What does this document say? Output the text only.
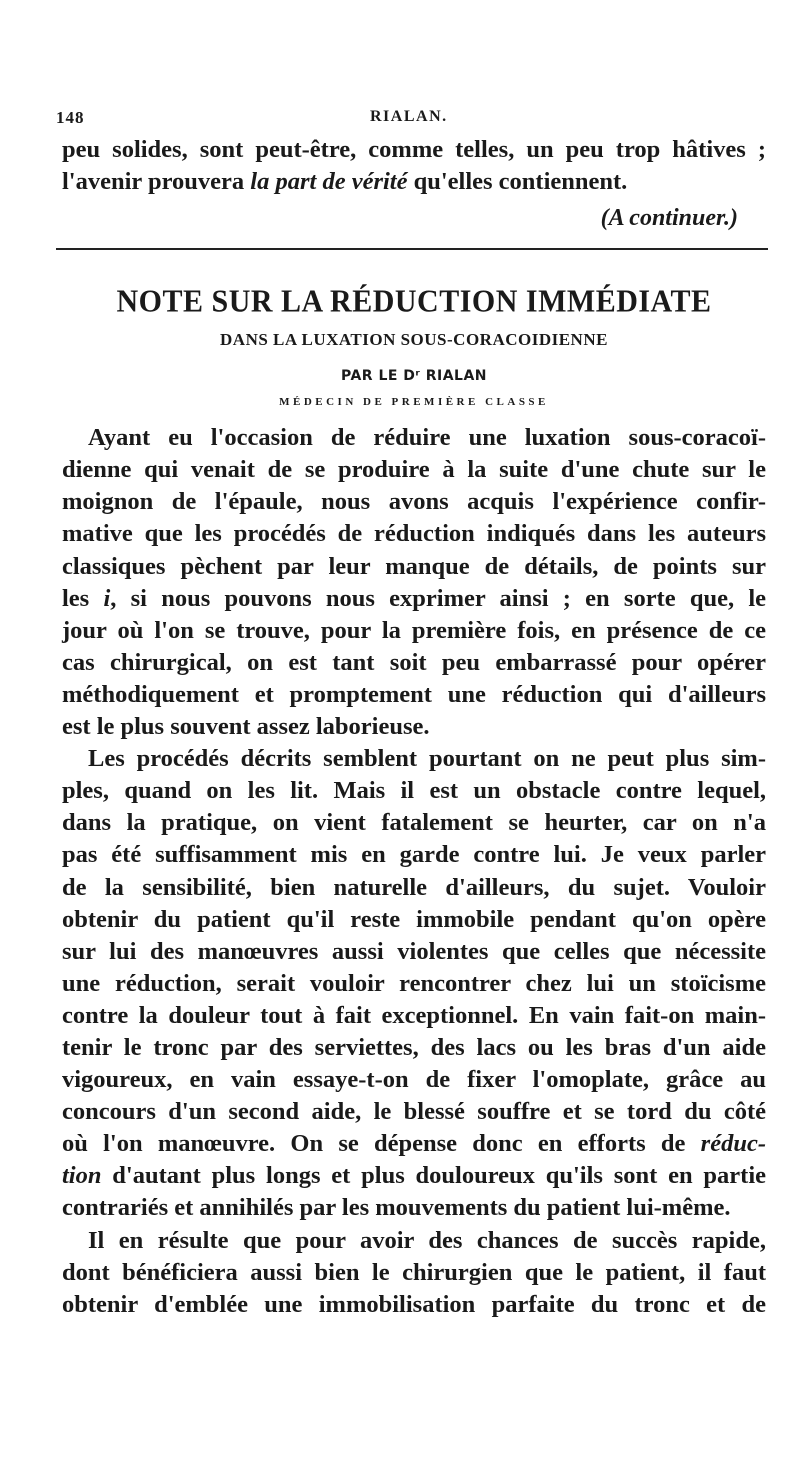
148	RIALAN.

peu solides, sont peut-être, comme telles, un peu trop hâtives ;

l'avenir prouvera la part de vérité qu'elles contiennent.

(A continuer.)
NOTE SUR LA RÉDUCTION IMMÉDIATE
DANS LA LUXATION SOUS-CORACOIDIENNE
PAR LE Dʳ RIALAN
MÉDECIN DE PREMIÈRE CLASSE

Ayant eu l'occasion de réduire une luxation sous-coracoï-

dienne qui venait de se produire à la suite d'une chute sur le

moignon de l'épaule, nous avons acquis l'expérience confir-

mative que les procédés de réduction indiqués dans les auteurs

classiques pèchent par leur manque de détails, de points sur

les i, si nous pouvons nous exprimer ainsi ; en sorte que, le

jour où l'on se trouve, pour la première fois, en présence de ce

cas chirurgical, on est tant soit peu embarrassé pour opérer

méthodiquement et promptement une réduction qui d'ailleurs

est le plus souvent assez laborieuse.

Les procédés décrits semblent pourtant on ne peut plus sim-

ples, quand on les lit. Mais il est un obstacle contre lequel,

dans la pratique, on vient fatalement se heurter, car on n'a

pas été suffisamment mis en garde contre lui. Je veux parler

de la sensibilité, bien naturelle d'ailleurs, du sujet. Vouloir

obtenir du patient qu'il reste immobile pendant qu'on opère

sur lui des manœuvres aussi violentes que celles que nécessite

une réduction, serait vouloir rencontrer chez lui un stoïcisme

contre la douleur tout à fait exceptionnel. En vain fait-on main-

tenir le tronc par des serviettes, des lacs ou les bras d'un aide

vigoureux, en vain essaye-t-on de fixer l'omoplate, grâce au

concours d'un second aide, le blessé souffre et se tord du côté

où l'on manœuvre. On se dépense donc en efforts de réduc-

tion d'autant plus longs et plus douloureux qu'ils sont en partie

contrariés et annihilés par les mouvements du patient lui-même.

Il en résulte que pour avoir des chances de succès rapide,

dont bénéficiera aussi bien le chirurgien que le patient, il faut

obtenir d'emblée une immobilisation parfaite du tronc et de
